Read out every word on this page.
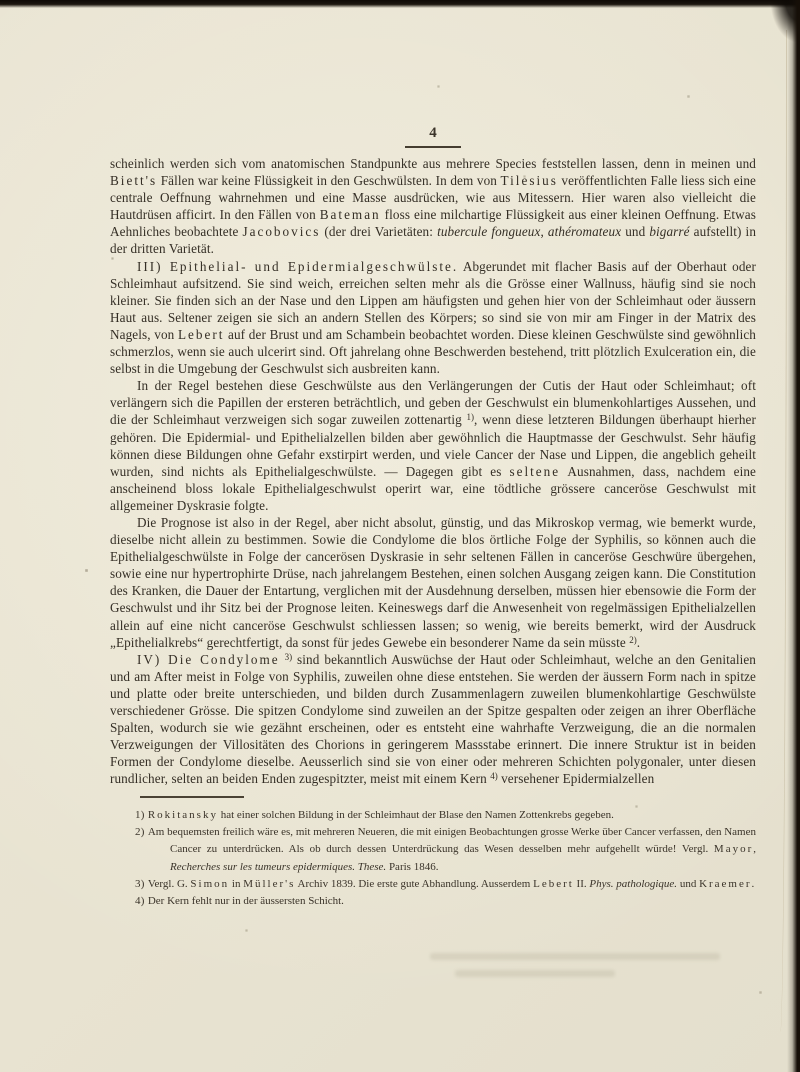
4

scheinlich werden sich vom anatomischen Standpunkte aus mehrere Species feststellen lassen, denn in meinen und Biett's Fällen war keine Flüssigkeit in den Geschwülsten. In dem von Tilesius veröffentlichten Falle liess sich eine centrale Oeffnung wahrnehmen und eine Masse ausdrücken, wie aus Mitessern. Hier waren also vielleicht die Hautdrüsen afficirt. In den Fällen von Bateman floss eine milchartige Flüssigkeit aus einer kleinen Oeffnung. Etwas Aehnliches beobachtete Jacobovics (der drei Varietäten: tubercule fongueux, athéromateux und bigarré aufstellt) in der dritten Varietät.

III) Epithelial- und Epidermialgeschwülste. Abgerundet mit flacher Basis auf der Oberhaut oder Schleimhaut aufsitzend. Sie sind weich, erreichen selten mehr als die Grösse einer Wallnuss, häufig sind sie noch kleiner. Sie finden sich an der Nase und den Lippen am häufigsten und gehen hier von der Schleimhaut oder äussern Haut aus. Seltener zeigen sie sich an andern Stellen des Körpers; so sind sie von mir am Finger in der Matrix des Nagels, von Lebert auf der Brust und am Schambein beobachtet worden. Diese kleinen Geschwülste sind gewöhnlich schmerzlos, wenn sie auch ulcerirt sind. Oft jahrelang ohne Beschwerden bestehend, tritt plötzlich Exulceration ein, die selbst in die Umgebung der Geschwulst sich ausbreiten kann.

In der Regel bestehen diese Geschwülste aus den Verlängerungen der Cutis der Haut oder Schleimhaut; oft verlängern sich die Papillen der ersteren beträchtlich, und geben der Geschwulst ein blumenkohlartiges Aussehen, und die der Schleimhaut verzweigen sich sogar zuweilen zottenartig $^{1)}$, wenn diese letzteren Bildungen überhaupt hierher gehören. Die Epidermial- und Epithelialzellen bilden aber gewöhnlich die Hauptmasse der Geschwulst. Sehr häufig können diese Bildungen ohne Gefahr exstirpirt werden, und viele Cancer der Nase und Lippen, die angeblich geheilt wurden, sind nichts als Epithelialgeschwülste. — Dagegen gibt es seltene Ausnahmen, dass, nachdem eine anscheinend bloss lokale Epithelialgeschwulst operirt war, eine tödtliche grössere canceröse Geschwulst mit allgemeiner Dyskrasie folgte.

Die Prognose ist also in der Regel, aber nicht absolut, günstig, und das Mikroskop vermag, wie bemerkt wurde, dieselbe nicht allein zu bestimmen. Sowie die Condylome die blos örtliche Folge der Syphilis, so können auch die Epithelialgeschwülste in Folge der cancerösen Dyskrasie in sehr seltenen Fällen in canceröse Geschwüre übergehen, sowie eine nur hypertrophirte Drüse, nach jahrelangem Bestehen, einen solchen Ausgang zeigen kann. Die Constitution des Kranken, die Dauer der Entartung, verglichen mit der Ausdehnung derselben, müssen hier ebensowie die Form der Geschwulst und ihr Sitz bei der Prognose leiten. Keineswegs darf die Anwesenheit von regelmässigen Epithelialzellen allein auf eine nicht canceröse Geschwulst schliessen lassen; so wenig, wie bereits bemerkt, wird der Ausdruck „Epithelialkrebs“ gerechtfertigt, da sonst für jedes Gewebe ein besonderer Name da sein müsste $^{2)}$.

IV) Die Condylome $^{3)}$ sind bekanntlich Auswüchse der Haut oder Schleimhaut, welche an den Genitalien und am After meist in Folge von Syphilis, zuweilen ohne diese entstehen. Sie werden der äussern Form nach in spitze und platte oder breite unterschieden, und bilden durch Zusammenlagern zuweilen blumenkohlartige Geschwülste verschiedener Grösse. Die spitzen Condylome sind zuweilen an der Spitze gespalten oder zeigen an ihrer Oberfläche Spalten, wodurch sie wie gezähnt erscheinen, oder es entsteht eine wahrhafte Verzweigung, die an die normalen Verzweigungen der Villositäten des Chorions in geringerem Massstabe erinnert. Die innere Struktur ist in beiden Formen der Condylome dieselbe. Aeusserlich sind sie von einer oder mehreren Schichten polygonaler, unter diesen rundlicher, selten an beiden Enden zugespitzter, meist mit einem Kern $^{4)}$ versehener Epidermialzellen

1) Rokitansky hat einer solchen Bildung in der Schleimhaut der Blase den Namen Zottenkrebs gegeben.

2) Am bequemsten freilich wäre es, mit mehreren Neueren, die mit einigen Beobachtungen grosse Werke über Cancer verfassen, den Namen Cancer zu unterdrücken. Als ob durch dessen Unterdrückung das Wesen desselben mehr aufgehellt würde! Vergl. Mayor, Recherches sur les tumeurs epidermiques. These. Paris 1846.

3) Vergl. G. Simon in Müller's Archiv 1839. Die erste gute Abhandlung. Ausserdem Lebert II. Phys. pathologique. und Kraemer.

4) Der Kern fehlt nur in der äussersten Schicht.
